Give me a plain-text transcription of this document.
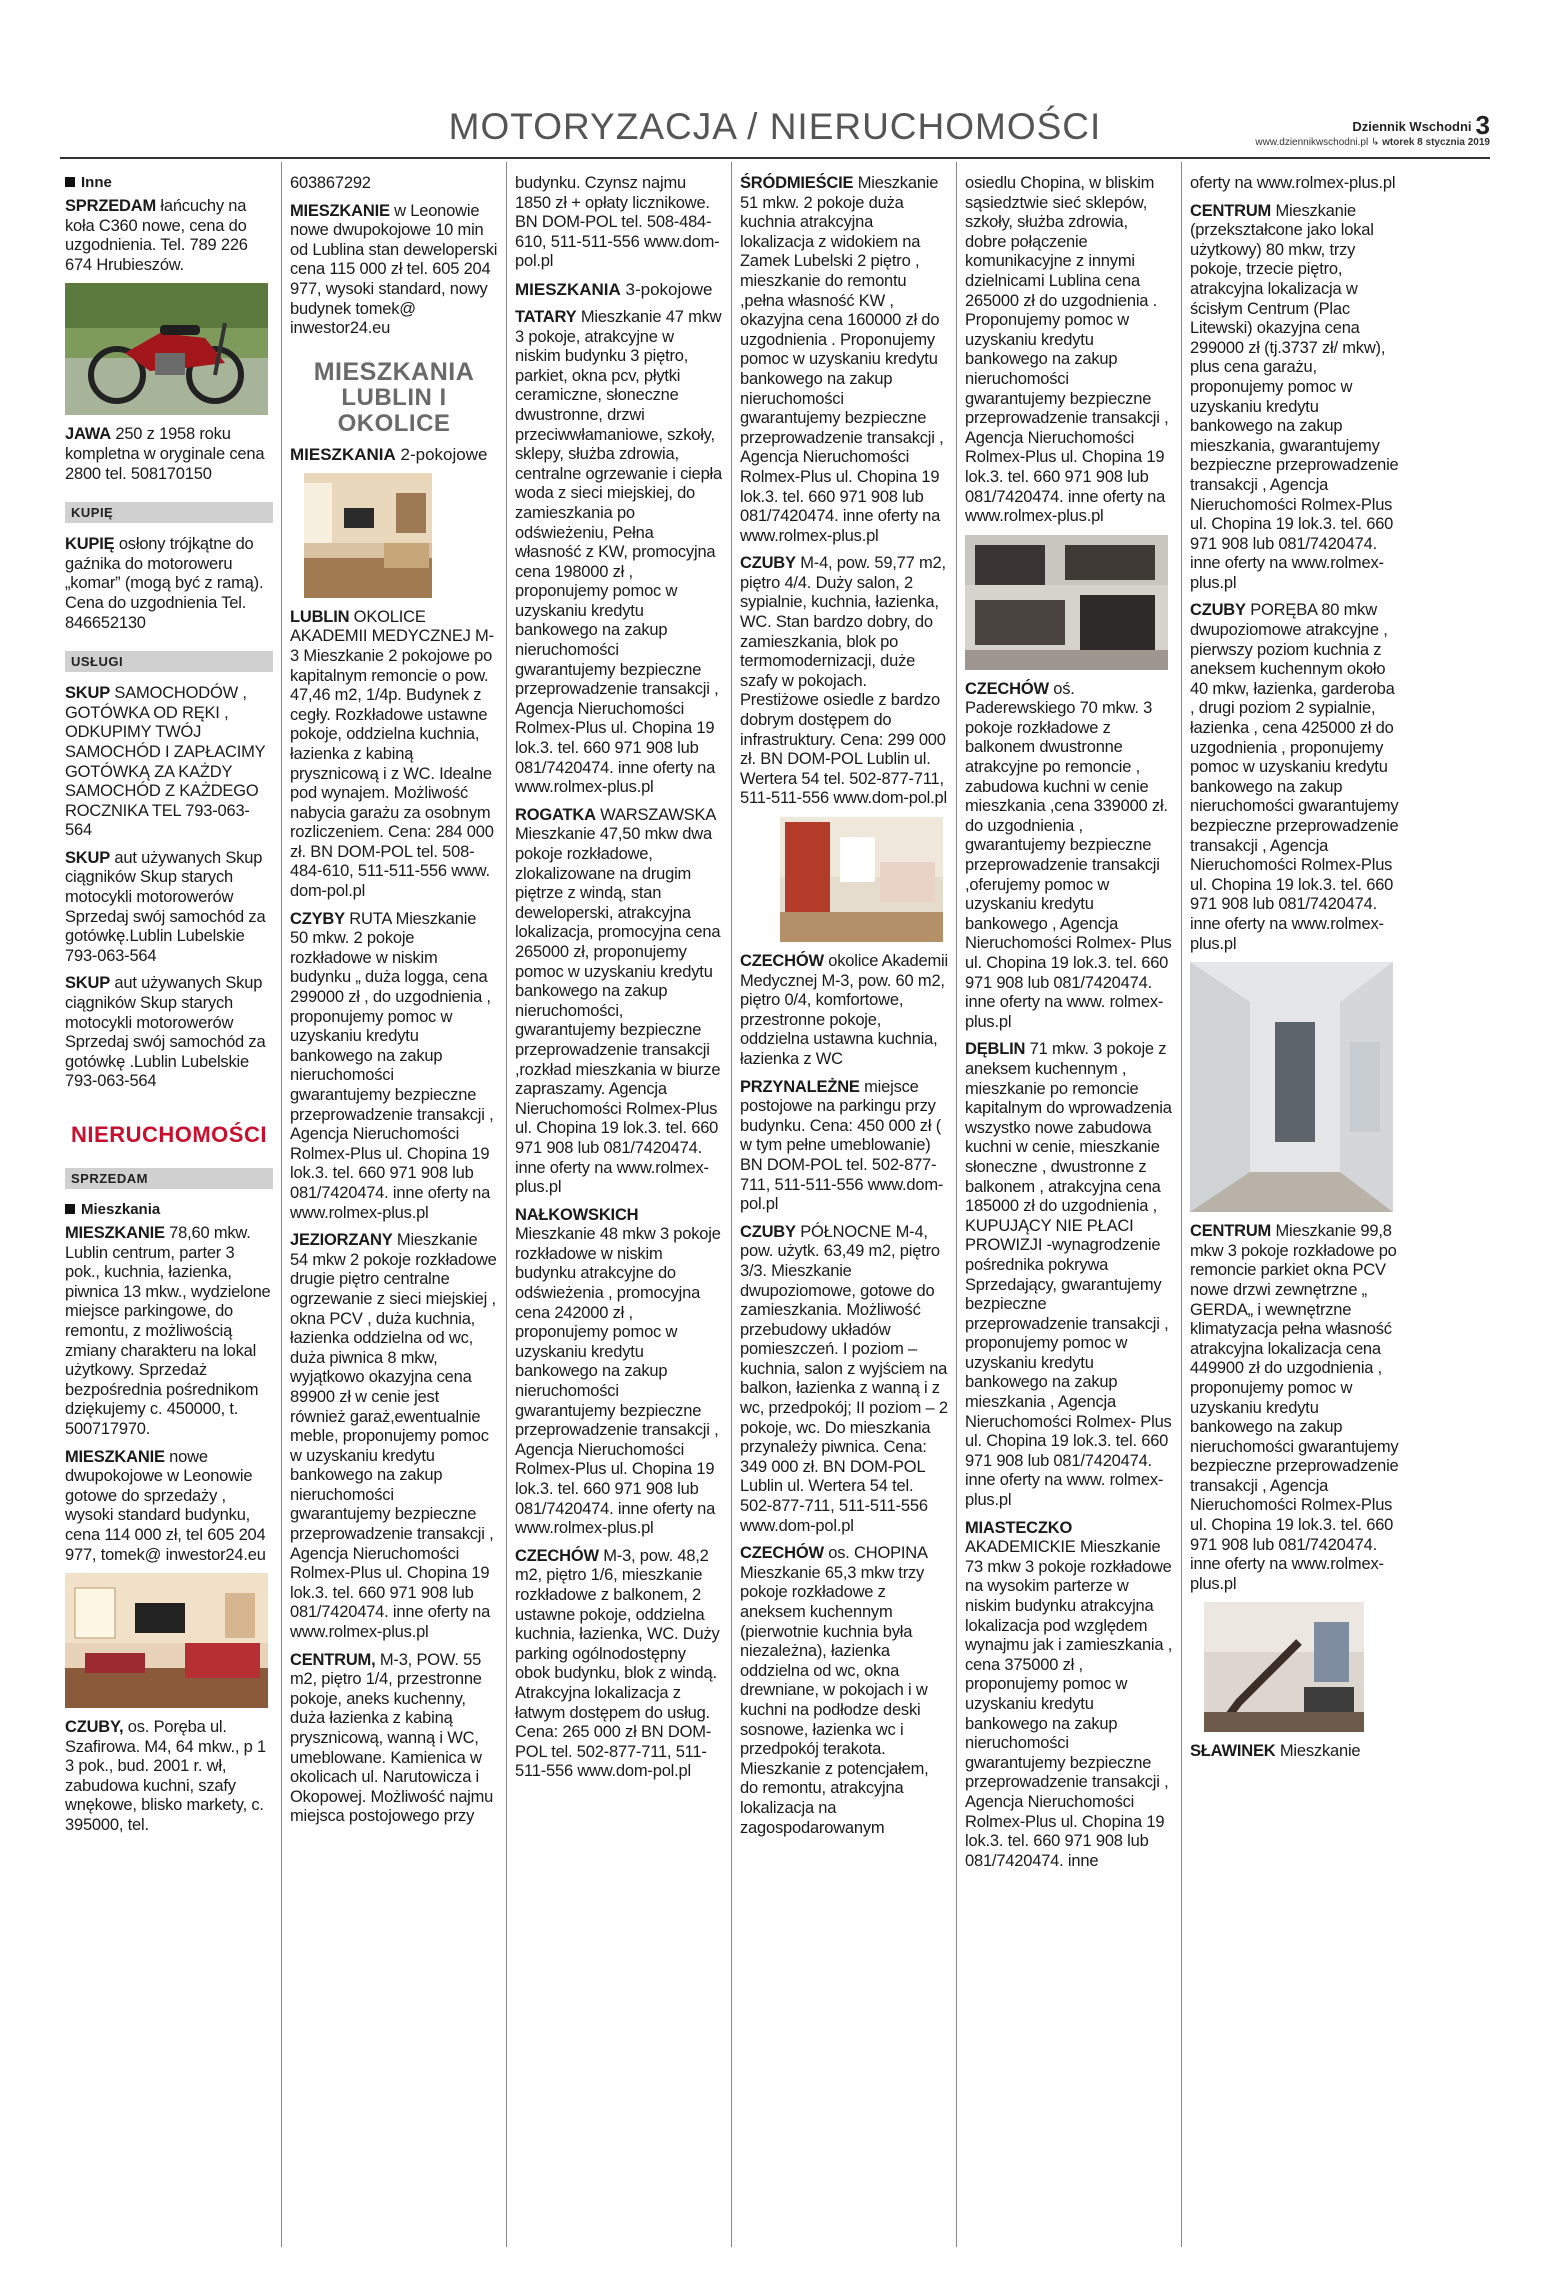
MOTORYZACJA / NIERUCHOMOŚCI	Dziennik Wschodni 3
www.dziennikwschodni.pl ↳ wtorek 8 stycznia 2019
Inne

SPRZEDAM łańcuchy na koła C360 nowe, cena do uzgodnienia. Tel. 789 226 674 Hrubieszów.

JAWA 250 z 1958 roku kompletna w oryginale cena 2800 tel. 508170150

KUPIĘ

KUPIĘ osłony trójkątne do gaźnika do motoroweru „komar” (mogą być z ramą). Cena do uzgodnienia Tel. 846652130

USŁUGI

SKUP SAMOCHODÓW , GOTÓWKA OD RĘKI , ODKUPIMY TWÓJ SAMOCHÓD I ZAPŁACIMY GOTÓWKĄ ZA KAŻDY SAMOCHÓD Z KAŻDEGO ROCZNIKA TEL 793-063-564

SKUP aut używanych Skup ciągników Skup starych motocykli motorowerów Sprzedaj swój samochód za gotówkę.Lublin Lubelskie 793-063-564

SKUP aut używanych Skup ciągników Skup starych motocykli motorowerów Sprzedaj swój samochód za gotówkę .Lublin Lubelskie 793-063-564

NIERUCHOMOŚCI
SPRZEDAM
Mieszkania

MIESZKANIE 78,60 mkw. Lublin centrum, parter 3 pok., kuchnia, łazienka, piwnica 13 mkw., wydzielone miejsce parkingowe, do remontu, z możliwością zmiany charakteru na lokal użytkowy. Sprzedaż bezpośrednia pośrednikom dziękujemy c. 450000, t. 500717970.

MIESZKANIE nowe dwupokojowe w Leonowie gotowe do sprzedaży , wysoki standard budynku, cena 114 000 zł, tel 605 204 977, tomek@ inwestor24.eu

CZUBY, os. Poręba ul. Szafirowa. M4, 64 mkw., p 1 3 pok., bud. 2001 r. wł, zabudowa kuchni, szafy wnękowe, blisko markety, c. 395000, tel.

603867292

MIESZKANIE w Leonowie nowe dwupokojowe 10 min od Lublina stan deweloperski cena 115 000 zł tel. 605 204 977, wysoki standard, nowy budynek tomek@ inwestor24.eu

MIESZKANIA
LUBLIN I OKOLICE
MIESZKANIA 2-pokojowe

LUBLIN OKOLICE AKADEMII MEDYCZNEJ M-3 Mieszkanie 2 pokojowe po kapitalnym remoncie o pow. 47,46 m2, 1/4p. Budynek z cegły. Rozkładowe ustawne pokoje, oddzielna kuchnia, łazienka z kabiną prysznicową i z WC. Idealne pod wynajem. Możliwość nabycia garażu za osobnym rozliczeniem. Cena: 284 000 zł. BN DOM-POL tel. 508-484-610, 511-511-556 www. dom-pol.pl

CZYBY RUTA Mieszkanie 50 mkw. 2 pokoje rozkładowe w niskim budynku „ duża logga, cena 299000 zł , do uzgodnienia , proponujemy pomoc w uzyskaniu kredytu bankowego na zakup nieruchomości gwarantujemy bezpieczne przeprowadzenie transakcji , Agencja Nieruchomości Rolmex-Plus ul. Chopina 19 lok.3. tel. 660 971 908 lub 081/7420474. inne oferty na www.rolmex-plus.pl

JEZIORZANY Mieszkanie 54 mkw 2 pokoje rozkładowe drugie piętro centralne ogrzewanie z sieci miejskiej , okna PCV , duża kuchnia, łazienka oddzielna od wc, duża piwnica 8 mkw, wyjątkowo okazyjna cena 89900 zł w cenie jest również garaż,ewentualnie meble, proponujemy pomoc w uzyskaniu kredytu bankowego na zakup nieruchomości gwarantujemy bezpieczne przeprowadzenie transakcji , Agencja Nieruchomości Rolmex-Plus ul. Chopina 19 lok.3. tel. 660 971 908 lub 081/7420474. inne oferty na www.rolmex-plus.pl

CENTRUM, M-3, POW. 55 m2, piętro 1/4, przestronne pokoje, aneks kuchenny, duża łazienka z kabiną prysznicową, wanną i WC, umeblowane. Kamienica w okolicach ul. Narutowicza i Okopowej. Możliwość najmu miejsca postojowego przy

budynku. Czynsz najmu 1850 zł + opłaty licznikowe. BN DOM-POL tel. 508-484-610, 511-511-556 www.dom-pol.pl

MIESZKANIA 3-pokojowe

TATARY Mieszkanie 47 mkw 3 pokoje, atrakcyjne w niskim budynku 3 piętro, parkiet, okna pcv, płytki ceramiczne, słoneczne dwustronne, drzwi przeciwwłamaniowe, szkoły, sklepy, służba zdrowia, centralne ogrzewanie i ciepła woda z sieci miejskiej, do zamieszkania po odświeżeniu, Pełna własność z KW, promocyjna cena 198000 zł , proponujemy pomoc w uzyskaniu kredytu bankowego na zakup nieruchomości gwarantujemy bezpieczne przeprowadzenie transakcji , Agencja Nieruchomości Rolmex-Plus ul. Chopina 19 lok.3. tel. 660 971 908 lub 081/7420474. inne oferty na www.rolmex-plus.pl

ROGATKA WARSZAWSKA Mieszkanie 47,50 mkw dwa pokoje rozkładowe, zlokalizowane na drugim piętrze z windą, stan deweloperski, atrakcyjna lokalizacja, promocyjna cena 265000 zł, proponujemy pomoc w uzyskaniu kredytu bankowego na zakup nieruchomości, gwarantujemy bezpieczne przeprowadzenie transakcji ,rozkład mieszkania w biurze zapraszamy. Agencja Nieruchomości Rolmex-Plus ul. Chopina 19 lok.3. tel. 660 971 908 lub 081/7420474. inne oferty na www.rolmex-plus.pl

NAŁKOWSKICH Mieszkanie 48 mkw 3 pokoje rozkładowe w niskim budynku atrakcyjne do odświeżenia , promocyjna cena 242000 zł , proponujemy pomoc w uzyskaniu kredytu bankowego na zakup nieruchomości gwarantujemy bezpieczne przeprowadzenie transakcji , Agencja Nieruchomości Rolmex-Plus ul. Chopina 19 lok.3. tel. 660 971 908 lub 081/7420474. inne oferty na www.rolmex-plus.pl

CZECHÓW M-3, pow. 48,2 m2, piętro 1/6, mieszkanie rozkładowe z balkonem, 2 ustawne pokoje, oddzielna kuchnia, łazienka, WC. Duży parking ogólnodostępny obok budynku, blok z windą. Atrakcyjna lokalizacja z łatwym dostępem do usług. Cena: 265 000 zł BN DOM-POL tel. 502-877-711, 511-511-556 www.dom-pol.pl

ŚRÓDMIEŚCIE Mieszkanie 51 mkw. 2 pokoje duża kuchnia atrakcyjna lokalizacja z widokiem na Zamek Lubelski 2 piętro , mieszkanie do remontu ,pełna własność KW , okazyjna cena 160000 zł do uzgodnienia . Proponujemy pomoc w uzyskaniu kredytu bankowego na zakup nieruchomości gwarantujemy bezpieczne przeprowadzenie transakcji , Agencja Nieruchomości Rolmex-Plus ul. Chopina 19 lok.3. tel. 660 971 908 lub 081/7420474. inne oferty na www.rolmex-plus.pl

CZUBY M-4, pow. 59,77 m2, piętro 4/4. Duży salon, 2 sypialnie, kuchnia, łazienka, WC. Stan bardzo dobry, do zamieszkania, blok po termomodernizacji, duże szafy w pokojach. Prestiżowe osiedle z bardzo dobrym dostępem do infrastruktury. Cena: 299 000 zł. BN DOM-POL Lublin ul. Wertera 54 tel. 502-877-711, 511-511-556 www.dom-pol.pl

CZECHÓW okolice Akademii Medycznej M-3, pow. 60 m2, piętro 0/4, komfortowe, przestronne pokoje, oddzielna ustawna kuchnia, łazienka z WC

PRZYNALEŻNE miejsce postojowe na parkingu przy budynku. Cena: 450 000 zł ( w tym pełne umeblowanie) BN DOM-POL tel. 502-877-711, 511-511-556 www.dom-pol.pl

CZUBY PÓŁNOCNE M-4, pow. użytk. 63,49 m2, piętro 3/3. Mieszkanie dwupoziomowe, gotowe do zamieszkania. Możliwość przebudowy układów pomieszczeń. I poziom – kuchnia, salon z wyjściem na balkon, łazienka z wanną i z wc, przedpokój; II poziom – 2 pokoje, wc. Do mieszkania przynależy piwnica. Cena: 349 000 zł. BN DOM-POL Lublin ul. Wertera 54 tel. 502-877-711, 511-511-556 www.dom-pol.pl

CZECHÓW os. CHOPINA Mieszkanie 65,3 mkw trzy pokoje rozkładowe z aneksem kuchennym (pierwotnie kuchnia była niezależna), łazienka oddzielna od wc, okna drewniane, w pokojach i w kuchni na podłodze deski sosnowe, łazienka wc i przedpokój terakota. Mieszkanie z potencjałem, do remontu, atrakcyjna lokalizacja na zagospodarowanym

osiedlu Chopina, w bliskim sąsiedztwie sieć sklepów, szkoły, służba zdrowia, dobre połączenie komunikacyjne z innymi dzielnicami Lublina cena 265000 zł do uzgodnienia . Proponujemy pomoc w uzyskaniu kredytu bankowego na zakup nieruchomości gwarantujemy bezpieczne przeprowadzenie transakcji , Agencja Nieruchomości Rolmex-Plus ul. Chopina 19 lok.3. tel. 660 971 908 lub 081/7420474. inne oferty na www.rolmex-plus.pl

CZECHÓW oś. Paderewskiego 70 mkw. 3 pokoje rozkładowe z balkonem dwustronne atrakcyjne po remoncie , zabudowa kuchni w cenie mieszkania ,cena 339000 zł. do uzgodnienia , gwarantujemy bezpieczne przeprowadzenie transakcji ,oferujemy pomoc w uzyskaniu kredytu bankowego , Agencja Nieruchomości Rolmex- Plus ul. Chopina 19 lok.3. tel. 660 971 908 lub 081/7420474. inne oferty na www. rolmex-plus.pl

DĘBLIN 71 mkw. 3 pokoje z aneksem kuchennym , mieszkanie po remoncie kapitalnym do wprowadzenia wszystko nowe zabudowa kuchni w cenie, mieszkanie słoneczne , dwustronne z balkonem , atrakcyjna cena 185000 zł do uzgodnienia , KUPUJĄCY NIE PŁACI PROWIZJI -wynagrodzenie pośrednika pokrywa Sprzedający, gwarantujemy bezpieczne przeprowadzenie transakcji , proponujemy pomoc w uzyskaniu kredytu bankowego na zakup mieszkania , Agencja Nieruchomości Rolmex- Plus ul. Chopina 19 lok.3. tel. 660 971 908 lub 081/7420474. inne oferty na www. rolmex-plus.pl

MIASTECZKO AKADEMICKIE Mieszkanie 73 mkw 3 pokoje rozkładowe na wysokim parterze w niskim budynku atrakcyjna lokalizacja pod względem wynajmu jak i zamieszkania , cena 375000 zł , proponujemy pomoc w uzyskaniu kredytu bankowego na zakup nieruchomości gwarantujemy bezpieczne przeprowadzenie transakcji , Agencja Nieruchomości Rolmex-Plus ul. Chopina 19 lok.3. tel. 660 971 908 lub 081/7420474. inne

oferty na www.rolmex-plus.pl

CENTRUM Mieszkanie (przekształcone jako lokal użytkowy) 80 mkw, trzy pokoje, trzecie piętro, atrakcyjna lokalizacja w ścisłym Centrum (Plac Litewski) okazyjna cena 299000 zł (tj.3737 zł/ mkw), plus cena garażu, proponujemy pomoc w uzyskaniu kredytu bankowego na zakup mieszkania, gwarantujemy bezpieczne przeprowadzenie transakcji , Agencja Nieruchomości Rolmex-Plus ul. Chopina 19 lok.3. tel. 660 971 908 lub 081/7420474. inne oferty na www.rolmex-plus.pl

CZUBY PORĘBA 80 mkw dwupoziomowe atrakcyjne , pierwszy poziom kuchnia z aneksem kuchennym około 40 mkw, łazienka, garderoba , drugi poziom 2 sypialnie, łazienka , cena 425000 zł do uzgodnienia , proponujemy pomoc w uzyskaniu kredytu bankowego na zakup nieruchomości gwarantujemy bezpieczne przeprowadzenie transakcji , Agencja Nieruchomości Rolmex-Plus ul. Chopina 19 lok.3. tel. 660 971 908 lub 081/7420474. inne oferty na www.rolmex-plus.pl

CENTRUM Mieszkanie 99,8 mkw 3 pokoje rozkładowe po remoncie parkiet okna PCV nowe drzwi zewnętrzne „ GERDA„ i wewnętrzne klimatyzacja pełna własność atrakcyjna lokalizacja cena 449900 zł do uzgodnienia , proponujemy pomoc w uzyskaniu kredytu bankowego na zakup nieruchomości gwarantujemy bezpieczne przeprowadzenie transakcji , Agencja Nieruchomości Rolmex-Plus ul. Chopina 19 lok.3. tel. 660 971 908 lub 081/7420474. inne oferty na www.rolmex-plus.pl

SŁAWINEK Mieszkanie
